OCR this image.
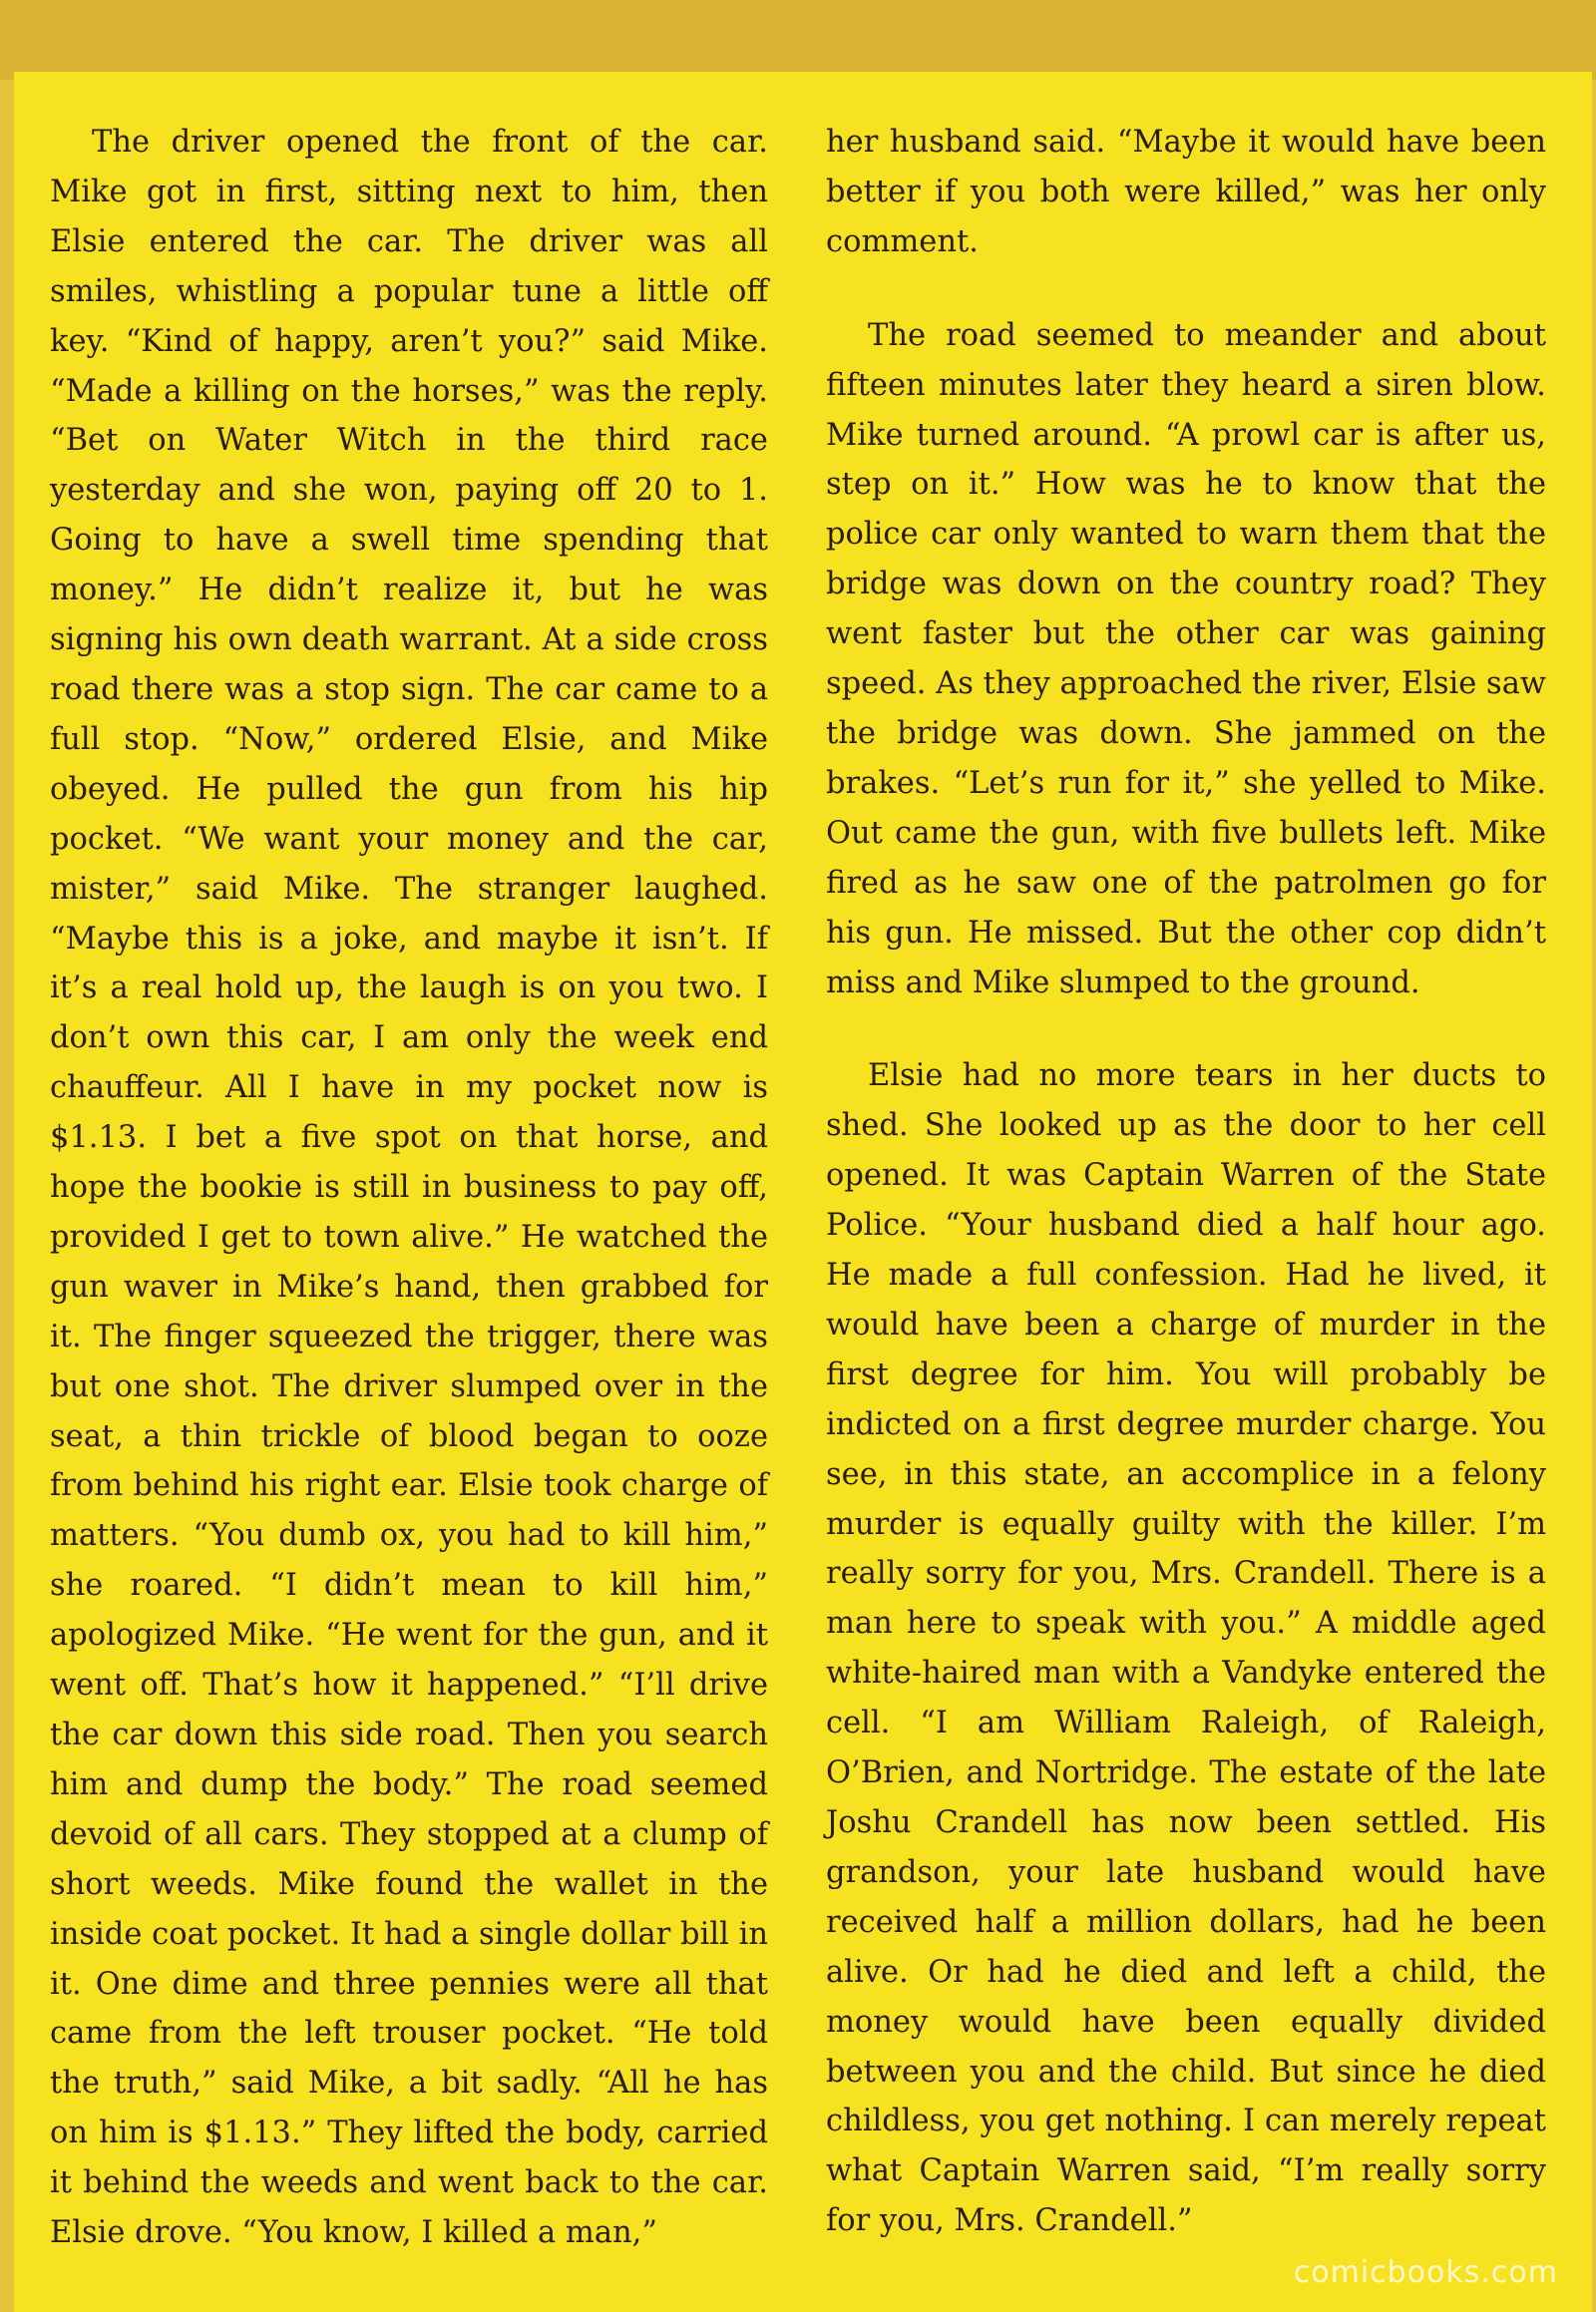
The driver opened the front of the car. Mike got in first, sitting next to him, then Elsie entered the car. The driver was all smiles, whistling a popular tune a little off key. “Kind of happy, aren’t you?” said Mike. “Made a killing on the horses,” was the reply. “Bet on Water Witch in the third race yesterday and she won, paying off 20 to 1. Going to have a swell time spending that money.” He didn’t realize it, but he was signing his own death warrant. At a side cross road there was a stop sign. The car came to a full stop. “Now,” ordered Elsie, and Mike obeyed. He pulled the gun from his hip pocket. “We want your money and the car, mister,” said Mike. The stranger laughed. “Maybe this is a joke, and maybe it isn’t. If it’s a real hold up, the laugh is on you two. I don’t own this car, I am only the week end chauffeur. All I have in my pocket now is $1.13. I bet a five spot on that horse, and hope the bookie is still in business to pay off, provided I get to town alive.” He watched the gun waver in Mike’s hand, then grabbed for it. The finger squeezed the trigger, there was but one shot. The driver slumped over in the seat, a thin trickle of blood began to ooze from behind his right ear. Elsie took charge of matters. “You dumb ox, you had to kill him,” she roared. “I didn’t mean to kill him,” apologized Mike. “He went for the gun, and it went off. That’s how it happened.” “I’ll drive the car down this side road. Then you search him and dump the body.” The road seemed devoid of all cars. They stopped at a clump of short weeds. Mike found the wallet in the inside coat pocket. It had a single dollar bill in it. One dime and three pennies were all that came from the left trouser pocket. “He told the truth,” said Mike, a bit sadly. “All he has on him is $1.13.” They lifted the body, carried it behind the weeds and went back to the car. Elsie drove. “You know, I killed a man,”

her husband said. “Maybe it would have been better if you both were killed,” was her only comment.

The road seemed to meander and about fifteen minutes later they heard a siren blow. Mike turned around. “A prowl car is after us, step on it.” How was he to know that the police car only wanted to warn them that the bridge was down on the country road? They went faster but the other car was gaining speed. As they approached the river, Elsie saw the bridge was down. She jammed on the brakes. “Let’s run for it,” she yelled to Mike. Out came the gun, with five bullets left. Mike fired as he saw one of the patrolmen go for his gun. He missed. But the other cop didn’t miss and Mike slumped to the ground.

Elsie had no more tears in her ducts to shed. She looked up as the door to her cell opened. It was Captain Warren of the State Police. “Your husband died a half hour ago. He made a full confession. Had he lived, it would have been a charge of murder in the first degree for him. You will probably be indicted on a first degree murder charge. You see, in this state, an accomplice in a felony murder is equally guilty with the killer. I’m really sorry for you, Mrs. Crandell. There is a man here to speak with you.” A middle aged white-haired man with a Vandyke entered the cell. “I am William Raleigh, of Raleigh, O’Brien, and Nortridge. The estate of the late Joshu Crandell has now been settled. His grandson, your late husband would have received half a million dollars, had he been alive. Or had he died and left a child, the money would have been equally divided between you and the child. But since he died childless, you get nothing. I can merely repeat what Captain Warren said, “I’m really sorry for you, Mrs. Crandell.”

comicbooks.com
